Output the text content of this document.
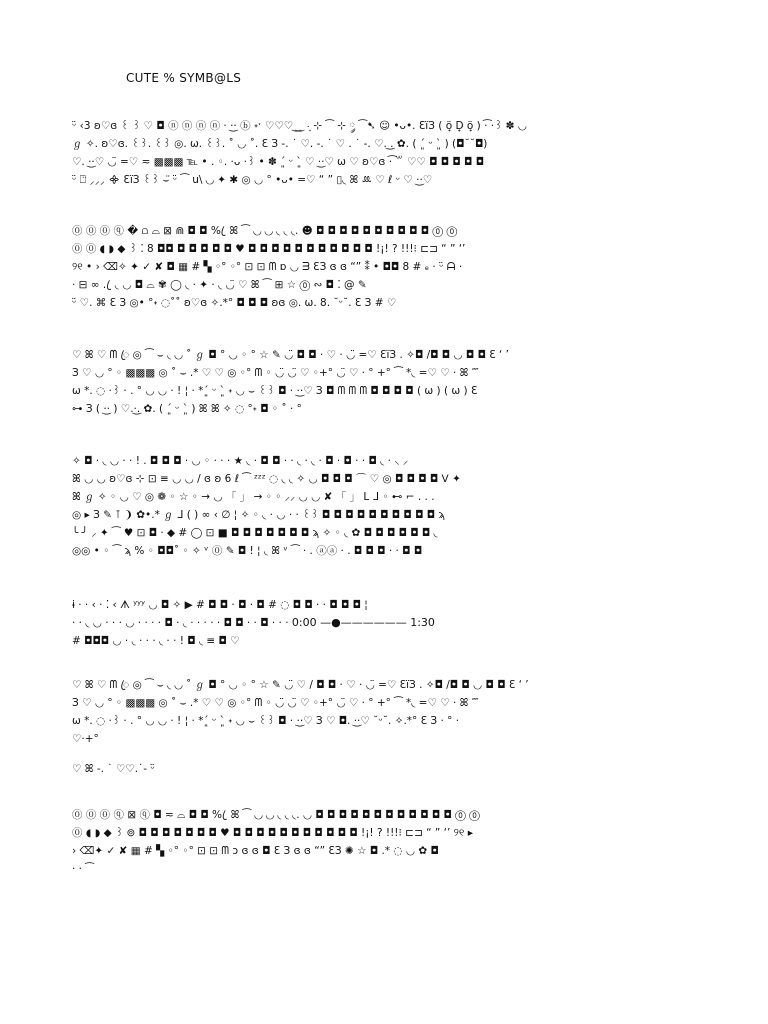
CUTE % SYMB@LS
ᵕ̈ ‹3 ʚ♡ɞ ꒰ ꒱ ♡ ◘ ⓝ ⓝ ⓝ ⓝ · ·͜· ⓑ ˖ˑ ♡♡♡ ͜ ͜  ·͙ ⊹ ⁀ ⊹ ༘ ⁀➷ ☺ •ᴗ•. ƐïЗ ( ö̟ D̟ ö̟ ) ·͡ ·꒱ ✽ ◡
ℊ ✧. ʚ♡ɞ. ꒰꒱. ꒰꒱ ◎. ω. ꒰꒱. ˚ ◡ ˚. Ɛ З -. ˙ ♡. -. ˙ ♡ . ˙ -. ♡. ͜. ✿. ( ´͈ ᵕ `͈ ) (◘˘˘◘)
♡. ·͜·♡ ◡̈ =♡ ≂ ▩▩▩ ℡ • . ◦. ·ᴗ ·꒱ • ✽ ´͈ ᵕ `͈ ♡ ·͜·♡ ω ♡ ʚ♡ɞ ·͡ ꒳ ♡♡ ◘ ◘ ◘ ◘ ◘
ᵕ̈ ⎕̈ ⸝⸝⸝ ᯽ ƐïЗ ꒰꒱ ⌣̈ ᵕ̈ ⁀ u\ ◟◞ ✦ ✱ ◎ ◡ ° •ᴗ• =♡ “ ” ▯◟ ꕤ ꔛ ♡ ℓ ᵕ ♡ ·͜·♡
⓪ ⓪ ⓪ ⓠ � ⩍ ⌓ ⊠ ⋒ ◘ ◘ % ꦿ ꕤ ⁀ ◟◞ ◟◞ ◟ ◟ ◟. ☻ ◘ ◘ ◘ ◘ ◘ ◘ ◘ ◘ ◘ ◘ ⓪ ⓪
⓪ ⓪ ◖ ◗ ◆ ꒱ ⁚ 8 ◘◘ ◘ ◘ ◘ ◘ ◘ ♥ ◘ ◘ ◘ ◘ ◘ ◘ ◘ ◘ ◘ ◘ ◘ !¡! ? !!!⁝ ⊏⊐ “ ” ‘’
୨୧ • › ⌫✧ ✦ ✓ ✘ ◘ ▦ # ▚ ◦° ◦° ⊡ ⊡ ᗰ ɒ ◡ ᗱ ƐЗ ɞ ɞ “” ⁑ • ◘◘ 8 # ₑ · ᵕ̈ ᗩ ·
· ⊟ ∞ . ꦿ ◟ ◡ ◘ ⌓ ✾ ◯ ◟ · ✦ · ◟ ◡̈ ♡ ꕤ ⁀ ⊞ ☆ ⓪ ∾ ◘ ⁚ @ ✎
ᵕ̈ ♡. ⌘ Ɛ З ◎• °˖ ◌˚˚ ʚ♡ɞ ✧.*° ◘ ◘ ◘ ʚɞ ◎. ω. 8. ˘ᵕ˘. Ɛ З # ♡
♡ ꕤ ♡ ᗰ ꦿ ◎ ⁀ ⌣ ◟ ◟◞ ˚ ℊ ◘ ° ◡ ◦ ° ☆ ✎ ◡̈ ◘ ◘ · ♡ · ◡̈ =♡ ƐïЗ . ✧◘ /◘ ◘ ◡ ◘ ◘ Ɛ ‘ ’
З ♡ ◡ ° ◦ ▩▩▩ ◎ ˚ ⌣ .* ♡ ♡ ◎ ◦° ᗰ ◦ ◡̈ ◡̈ ♡ ◦+° ◡̈ ♡ · ° +° ⁀ *◟ =♡ ♡ · ꕤ ⁗
ω *. ◌ ·꒱ · . ° ◡ ◡ · ! ¦ · *´͈ ᵕ `͈ ˖ ◡ ⌣ ꒰꒱ ◘ · ·͜·♡ З ◘ ᗰ ᗰ ᗰ ◘ ◘ ◘ ◘ ( ω ) ( ω ) Ɛ
⊶ З ( ·͜· ) ♡.·͜. ✿. ( ´͈ ᵕ `͈ ) ꕤ ꕤ ✧ ◌ °˖ ◘ ◦ ˚ · °
✧ ◘ · ◟ ◡ · · ! . ◘ ◘ ◘ · ◡ ◦ · · · ★ ◟ · ◘ ◘ · · ◟ · ◟ · ◘ · ◘ · · ◘ ◟ · ⸜ ⸝
ꕤ ◡ ◡ ʚ♡ɞ ⊹ ⊡ ≡ ◡ ◡ / ɞ ʚ 6 ℓ ⁀ ᶻᶻᶻ ◌ ◟ ◟ ✧ ◡ ◘ ◘ ◘ ⌒ ♡ ◎ ◘ ◘ ◘ ◘ ꓦ ✦
ꕤ ℊ ✧ ◦ ◡ ♡ ◎ ❁ ◦ ☆ ◦ → ◡ 「 」 → ◦ ◦ ⸝⸝ ◡ ◡ ✘ 「 」 ᒪ ᒧ ◦ ⊷ ⌐ . . .
◎ ▸ З ✎ ⊺ ❩ ✿•.* ℊ ᒧ ( ) ∞ ‹ ∅ ¦ ✧ ◦ ◟ · ◡ · · ꒰꒱ ◘ ◘ ◘ ◘ ◘ ◘ ◘ ◘ ◘ ◘ ϡ
╰ ╯ ⸝ ✦ ⁀ ♥ ⊡ ◘ · ◆ # ◯ ⊡ ■ ◘ ◘ ◘ ◘ ◘ ◘ ◘ ϡ ✧ ◦ ◟ ✿ ◘ ◘ ◘ ◘ ◘ ◘ ◟
◎◎ • ◦ ⁀ ϡ % ◦ ◘◘˚ ◦ ✧ ᵛ ⓪ ✎ ◘ ! ¦ ◟ ꕤ ᵛ ⁀ · . ⓐⓐ · . ◘ ◘ ◘ · · ◘ ◘
ɨ · · ‹ · ⁚ ‹ ᗑ ʸʸʸ ◡ ◘ ✧ ▶ # ◘ ◘ · ◘ · ◘ # ◌ ◘ ◘ · · ◘ ◘ ◘ ¦
· · ◟ ◡ · · · ◡ · · · · ◘ · ◟ · · · · · ◘ ◘ · · ◘ · · · 0:00 —●—————— 1:30
# ◘◘◘ ◡ · ◟ · · · ◟ · · ! ◘ ◟ ≡ ◘ ♡
♡ ꕤ ♡ ᗰ ꦿ ◎ ⁀ ⌣ ◟ ◟◞ ˚ ℊ ◘ ° ◡ ◦ ° ☆ ✎ ◡̈ ♡ / ◘ ◘ · ♡ · ◡̈ =♡ ƐïЗ . ✧◘ /◘ ◘ ◡ ◘ ◘ Ɛ ‘ ’
З ♡ ◡ ° ◦ ▩▩▩ ◎ ˚ ⌣ .* ♡ ♡ ◎ ◦° ᗰ ◦ ◡̈ ◡̈ ♡ ◦+° ◡̈ ♡ · ° +° ⁀ *◟ =♡ ♡ · ꕤ ⁗
ω *. ◌ ·꒱ · . ° ◡ ◡ · ! ¦ · *´͈ ᵕ `͈ ˖ ◡ ⌣ ꒰꒱ ◘ · ·͜·♡ З ♡ ◘. ·͜·♡ ˘ᵕ˘. ✧.*° Ɛ З · ° ·
♡·+°
♡ ꕤ -. ˙ ♡♡.˙- ᵕ̈
⓪ ⓪ ⓪ ⓠ ⊠ ⓠ ◘ ≂ ⌓ ◘ ◘ % ꦿ ꕤ ⁀ ◟◞ ◟◞ ◟ ◟ ◟. ◡ ◘ ◘ ◘ ◘ ◘ ◘ ◘ ◘ ◘ ◘ ◘ ◘ ⓪ ⓪
⓪ ◖ ◗ ◆ ꒱ ⊚ ◘ ◘ ◘ ◘ ◘ ◘ ◘ ♥ ◘ ◘ ◘ ◘ ◘ ◘ ◘ ◘ ◘ ◘ ◘ !¡! ? !!!⁝ ⊏⊐ “ ” ‘’ ୨୧ ▸
› ⌫✦ ✓ ✘ ▦ # ▚ ◦° ◦° ⊡ ⊡ ᗰ ɔ ɞ ɞ ◘ Ɛ З ɞ ɞ “” ƐЗ ✺ ☆ ◘ .* ◌ ◡ ✿ ◘
· · ⁀
